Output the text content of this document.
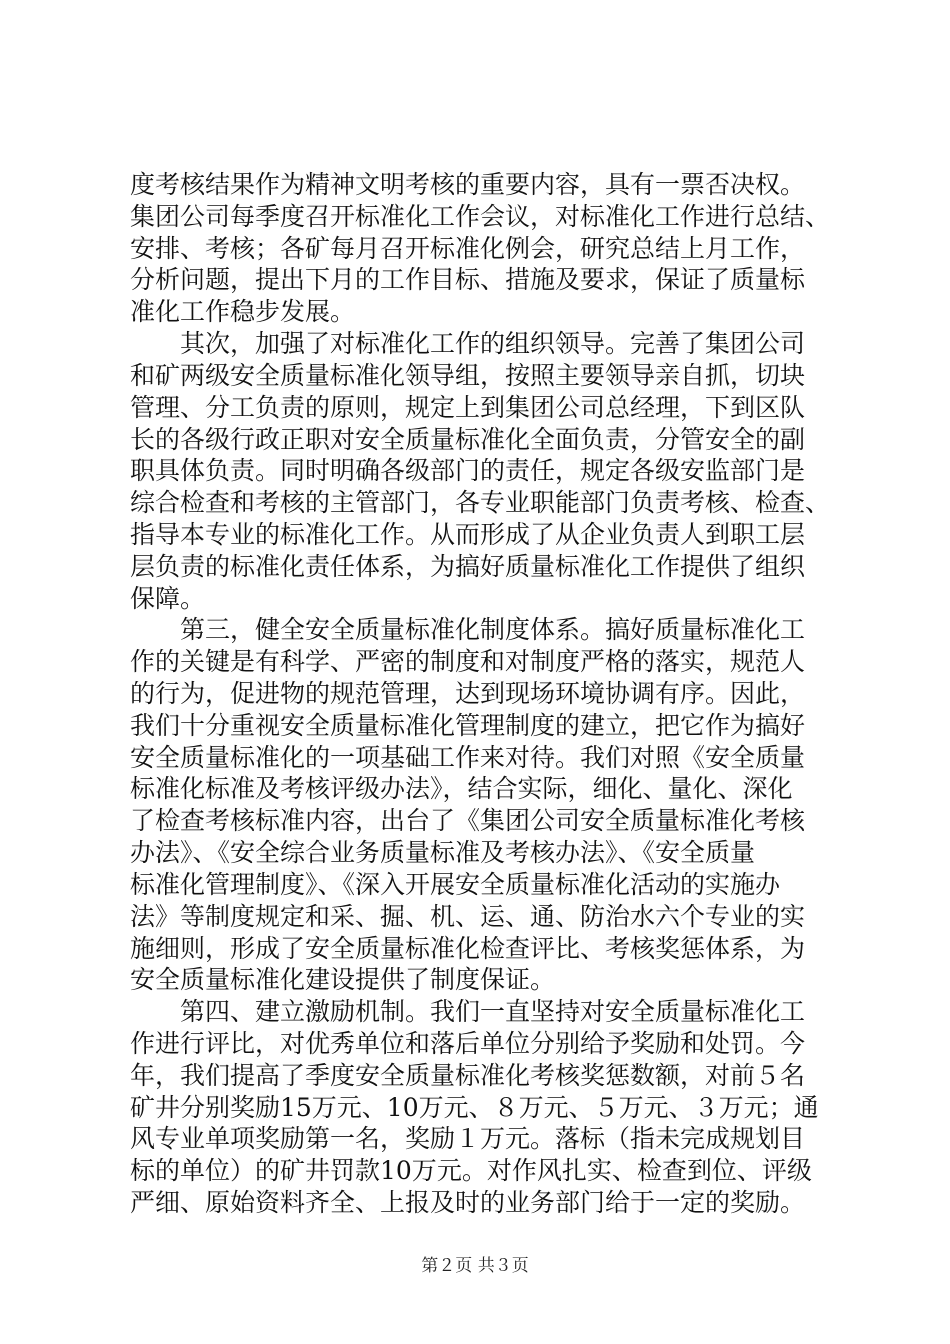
度考核结果作为精神文明考核的重要内容，具有一票否决权。
集团公司每季度召开标准化工作会议，对标准化工作进行总结、
安排、考核；各矿每月召开标准化例会，研究总结上月工作，
分析问题，提出下月的工作目标、措施及要求，保证了质量标
准化工作稳步发展。
　　其次，加强了对标准化工作的组织领导。完善了集团公司
和矿两级安全质量标准化领导组，按照主要领导亲自抓，切块
管理、分工负责的原则，规定上到集团公司总经理，下到区队
长的各级行政正职对安全质量标准化全面负责，分管安全的副
职具体负责。同时明确各级部门的责任，规定各级安监部门是
综合检查和考核的主管部门，各专业职能部门负责考核、检查、
指导本专业的标准化工作。从而形成了从企业负责人到职工层
层负责的标准化责任体系，为搞好质量标准化工作提供了组织
保障。
　　第三，健全安全质量标准化制度体系。搞好质量标准化工
作的关键是有科学、严密的制度和对制度严格的落实，规范人
的行为，促进物的规范管理，达到现场环境协调有序。因此，
我们十分重视安全质量标准化管理制度的建立，把它作为搞好
安全质量标准化的一项基础工作来对待。我们对照《安全质量
标准化标准及考核评级办法》，结合实际，细化、量化、深化
了检查考核标准内容，出台了《集团公司安全质量标准化考核
办法》、《安全综合业务质量标准及考核办法》、《安全质量
标准化管理制度》、《深入开展安全质量标准化活动的实施办
法》等制度规定和采、掘、机、运、通、防治水六个专业的实
施细则，形成了安全质量标准化检查评比、考核奖惩体系，为
安全质量标准化建设提供了制度保证。
　　第四、建立激励机制。我们一直坚持对安全质量标准化工
作进行评比，对优秀单位和落后单位分别给予奖励和处罚。今
年，我们提高了季度安全质量标准化考核奖惩数额，对前５名
矿井分别奖励15万元、10万元、８万元、５万元、３万元；通
风专业单项奖励第一名，奖励１万元。落标（指未完成规划目
标的单位）的矿井罚款10万元。对作风扎实、检查到位、评级
严细、原始资料齐全、上报及时的业务部门给于一定的奖励。
第２页 共３页
